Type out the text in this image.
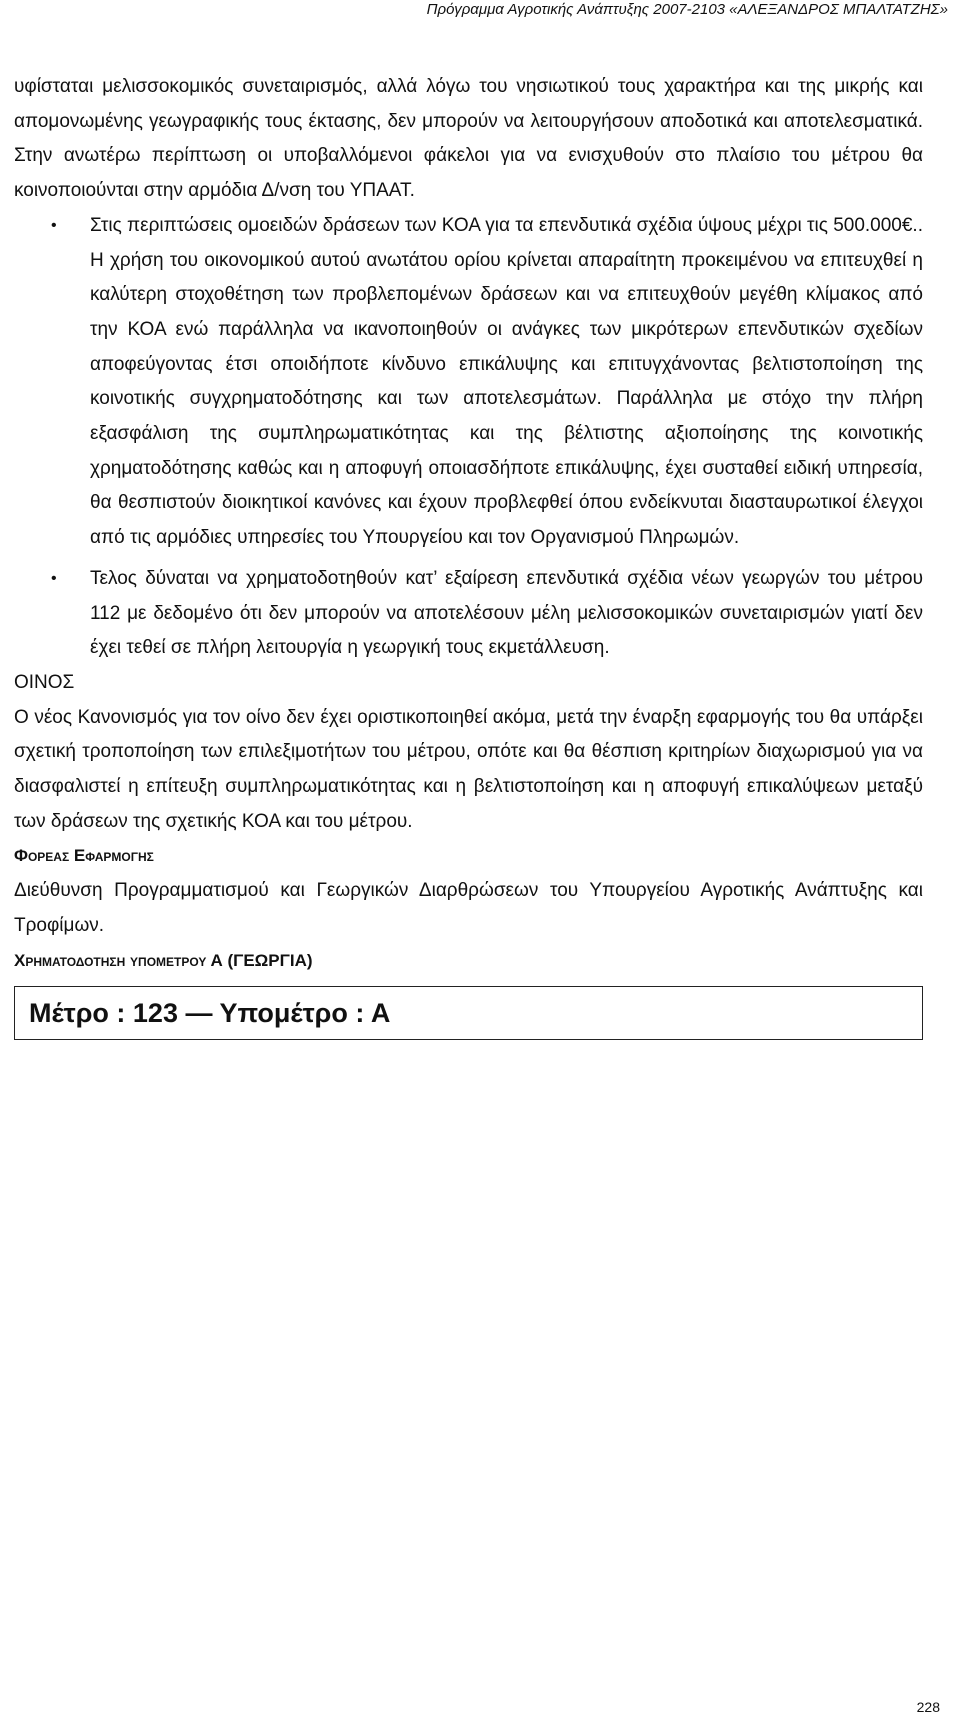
Πρόγραμμα Αγροτικής Ανάπτυξης 2007-2103 «ΑΛΕΞΑΝΔΡΟΣ ΜΠΑΛΤΑΤΖΗΣ»

υφίσταται μελισσοκομικός συνεταιρισμός, αλλά λόγω του νησιωτικού τους χαρακτήρα και της μικρής και απομονωμένης γεωγραφικής τους έκτασης, δεν μπορούν να λειτουργήσουν αποδοτικά και αποτελεσματικά. Στην ανωτέρω περίπτωση οι υποβαλλόμενοι φάκελοι για να ενισχυθούν στο πλαίσιο του μέτρου θα κοινοποιούνται στην αρμόδια Δ/νση του ΥΠΑΑΤ.

• Στις περιπτώσεις ομοειδών δράσεων των ΚΟΑ για τα επενδυτικά σχέδια ύψους μέχρι τις 500.000€.. Η χρήση του οικονομικού αυτού ανωτάτου ορίου κρίνεται απαραίτητη προκειμένου να επιτευχθεί η καλύτερη στοχοθέτηση των προβλεπομένων δράσεων και να επιτευχθούν μεγέθη κλίμακος από την ΚΟΑ ενώ παράλληλα να ικανοποιηθούν οι ανάγκες των μικρότερων επενδυτικών σχεδίων αποφεύγοντας έτσι οποιδήποτε κίνδυνο επικάλυψης και επιτυγχάνοντας βελτιστοποίηση της κοινοτικής συγχρηματοδότησης και των αποτελεσμάτων. Παράλληλα με στόχο την πλήρη εξασφάλιση της συμπληρωματικότητας και της βέλτιστης αξιοποίησης της κοινοτικής χρηματοδότησης καθώς και η αποφυγή οποιασδήποτε επικάλυψης, έχει συσταθεί ειδική υπηρεσία, θα θεσπιστούν διοικητικοί κανόνες και έχουν προβλεφθεί όπου ενδείκνυται διασταυρωτικοί έλεγχοι από τις αρμόδιες υπηρεσίες του Υπουργείου και τον Οργανισμού Πληρωμών.
• Τελος δύναται να χρηματοδοτηθούν κατ’ εξαίρεση επενδυτικά σχέδια νέων γεωργών του μέτρου 112 με δεδομένο ότι δεν μπορούν να αποτελέσουν μέλη μελισσοκομικών συνεταιρισμών γιατί δεν έχει τεθεί σε πλήρη λειτουργία η γεωργική τους εκμετάλλευση.

ΟΙΝΟΣ

Ο νέος Κανονισμός για τον οίνο δεν έχει οριστικοποιηθεί ακόμα, μετά την έναρξη εφαρμογής του θα υπάρξει σχετική τροποποίηση των επιλεξιμοτήτων του μέτρου, οπότε και θα θέσπιση κριτηρίων διαχωρισμού για να διασφαλιστεί η επίτευξη συμπληρωματικότητας και η βελτιστοποίηση και η αποφυγή επικαλύψεων μεταξύ των δράσεων της σχετικής ΚΟΑ και του μέτρου.

Φορεας Εφαρμογης

Διεύθυνση Προγραμματισμού και Γεωργικών Διαρθρώσεων του Υπουργείου Αγροτικής Ανάπτυξης και Τροφίμων.

Χρηματοδοτηση υπομετρου Α (ΓΕΩΡΓΙΑ)

Μέτρο : 123 — Υπομέτρο : Α
228
